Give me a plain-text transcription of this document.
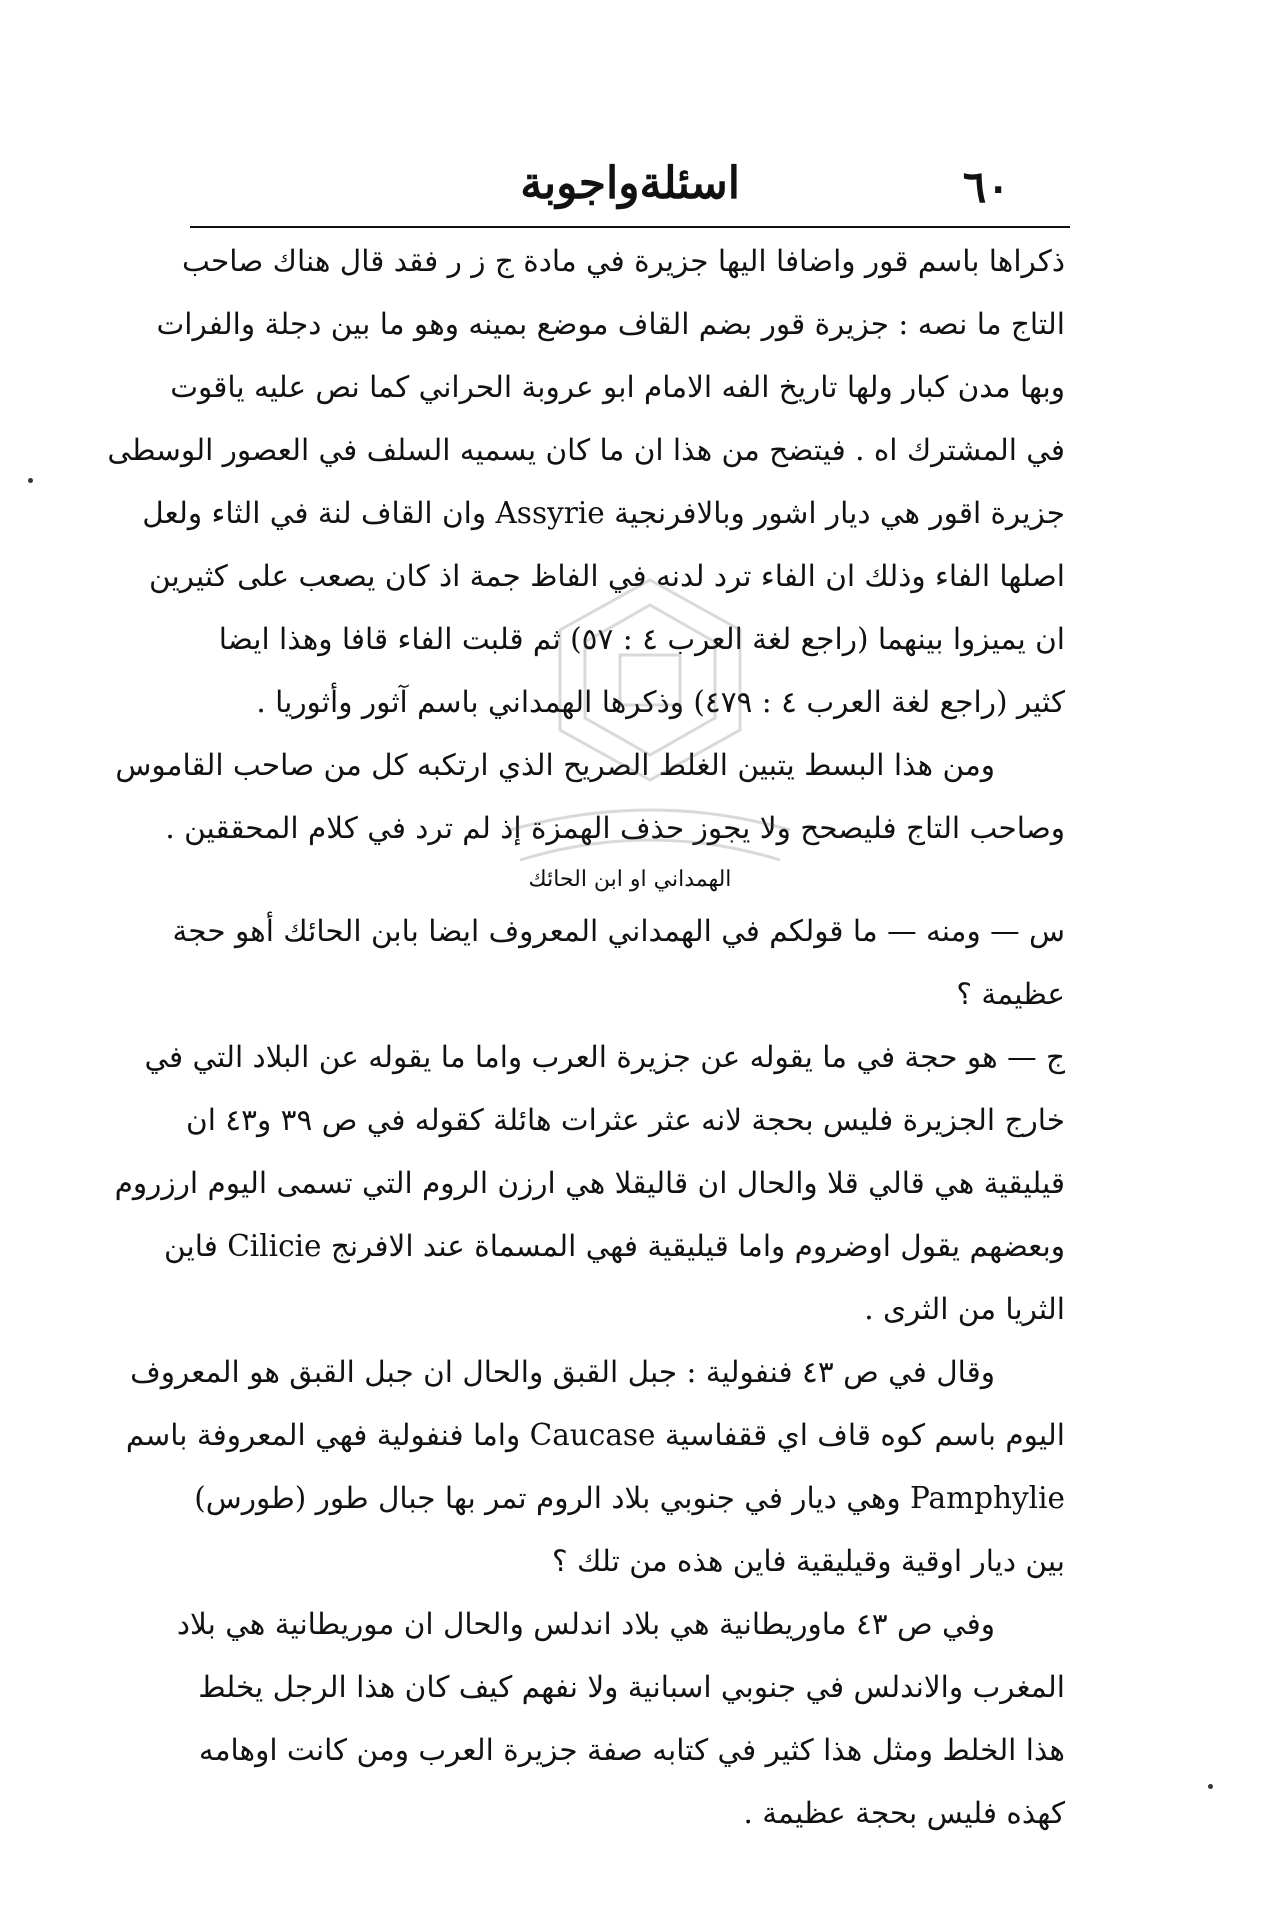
٦٠
اسئلةواجوبة
ذكراها باسم قور واضافا اليها جزيرة في مادة ج ز ر فقد قال هناك صاحب
التاج ما نصه : جزيرة قور بضم القاف موضع بمينه وهو ما بين دجلة والفرات
وبها مدن كبار ولها تاريخ الفه الامام ابو عروبة الحراني كما نص عليه ياقوت
في المشترك اه . فيتضح من هذا ان ما كان يسميه السلف في العصور الوسطى
جزيرة اقور هي ديار اشور وبالافرنجية Assyrie وان القاف لنة في الثاء ولعل
اصلها الفاء وذلك ان الفاء ترد لدنه في الفاظ جمة اذ كان يصعب على كثيرين
ان يميزوا بينهما (راجع لغة العرب ٤ : ٥٧) ثم قلبت الفاء قافا وهذا ايضا
كثير (راجع لغة العرب ٤ : ٤٧٩) وذكرها الهمداني باسم آثور وأثوريا .
ومن هذا البسط يتبين الغلط الصريح الذي ارتكبه كل من صاحب القاموس
وصاحب التاج فليصحح ولا يجوز حذف الهمزة إذ لم ترد في كلام المحققين .
الهمداني او ابن الحائك
س — ومنه — ما قولكم في الهمداني المعروف ايضا بابن الحائك أهو حجة
عظيمة ؟
ج — هو حجة في ما يقوله عن جزيرة العرب واما ما يقوله عن البلاد التي في
خارج الجزيرة فليس بحجة لانه عثر عثرات هائلة كقوله في ص ٣٩ و٤٣ ان
قيليقية هي قالي قلا والحال ان قاليقلا هي ارزن الروم التي تسمى اليوم ارزروم
وبعضهم يقول اوضروم واما قيليقية فهي المسماة عند الافرنج Cilicie فاين
الثريا من الثرى .
وقال في ص ٤٣ فنفولية : جبل القبق والحال ان جبل القبق هو المعروف
اليوم باسم كوه قاف اي ققفاسية Caucase واما فنفولية فهي المعروفة باسم
Pamphylie وهي ديار في جنوبي بلاد الروم تمر بها جبال طور (طورس)
بين ديار اوقية وقيليقية فاين هذه من تلك ؟
وفي ص ٤٣ ماوريطانية هي بلاد اندلس والحال ان موريطانية هي بلاد
المغرب والاندلس في جنوبي اسبانية ولا نفهم كيف كان هذا الرجل يخلط
هذا الخلط ومثل هذا كثير في كتابه صفة جزيرة العرب ومن كانت اوهامه
كهذه فليس بحجة عظيمة .
